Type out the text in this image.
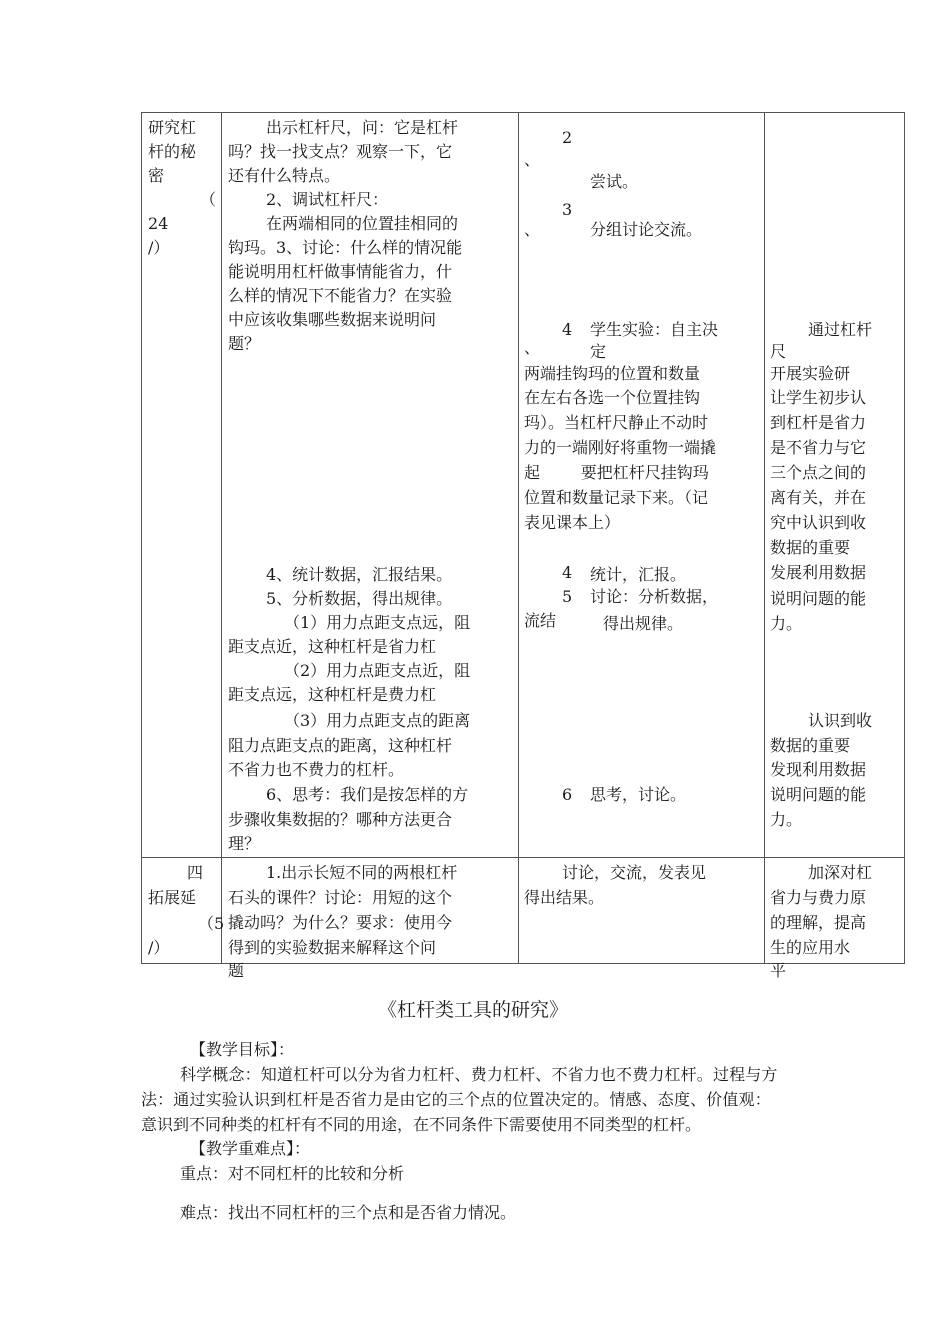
研究杠
杆的秘
密
（
24
/）
出示杠杆尺，问：它是杠杆
吗？找一找支点？观察一下，它
还有什么特点。
2、调试杠杆尺：
在两端相同的位置挂相同的
钩玛。3、讨论：什么样的情况能
能说明用杠杆做事情能省力，什
么样的情况下不能省力？在实验
中应该收集哪些数据来说明问
题？
4、统计数据，汇报结果。
5、分析数据，得出规律。
（1）用力点距支点远，阻
距支点近，这种杠杆是省力杠
（2）用力点距支点近，阻
距支点远，这种杠杆是费力杠
（3）用力点距支点的距离
阻力点距支点的距离，这种杠杆
不省力也不费力的杠杆。
6、思考：我们是按怎样的方
步骤收集数据的？哪种方法更合
理？
2
、
尝试。
3
、	分组讨论交流。
4
、
学生实验：自主决
定
两端挂钩玛的位置和数量
在左右各选一个位置挂钩
玛）。当杠杆尺静止不动时
力的一端刚好将重物一端撬
起        要把杠杆尺挂钩玛
位置和数量记录下来。（记
表见课本上）
4 统计，汇报。
5 讨论：分析数据，
流结	得出规律。
6 思考，讨论。
通过杠杆
尺
开展实验研
让学生初步认
到杠杆是省力
是不省力与它
三个点之间的
离有关，并在
究中认识到收
数据的重要
发展利用数据
说明问题的能
力。
认识到收
数据的重要
发现利用数据
说明问题的能
力。
四
拓展延
（5
/）
1.出示长短不同的两根杠杆
石头的课件？讨论：用短的这个
撬动吗？为什么？要求：使用今
得到的实验数据来解释这个问
题
讨论，交流，发表见
得出结果。
加深对杠
省力与费力原
的理解，提高
生的应用水
平
《杠杆类工具的研究》
【教学目标】：
科学概念：知道杠杆可以分为省力杠杆、费力杠杆、不省力也不费力杠杆。过程与方
法：通过实验认识到杠杆是否省力是由它的三个点的位置决定的。情感、态度、价值观：
意识到不同种类的杠杆有不同的用途，在不同条件下需要使用不同类型的杠杆。
【教学重难点】：
重点：对不同杠杆的比较和分析
难点：找出不同杠杆的三个点和是否省力情况。
